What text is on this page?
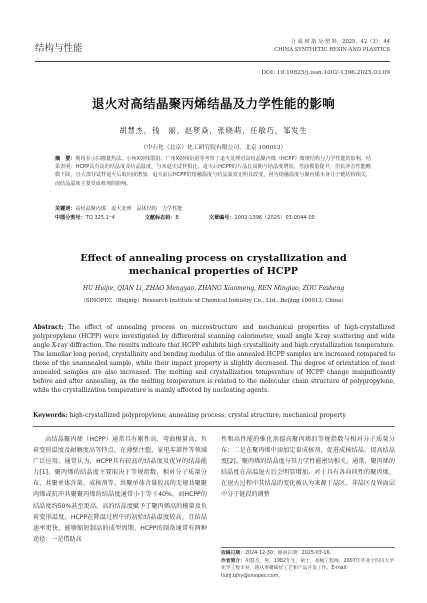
结构与性能
合 成 树 脂 及 塑 料，2025，42（3）：44
CHINA SYNTHETIC RESIN AND PLASTICS
DOI: 10.19825/j.issn.1002-1396.2025.03.09
退火对高结晶聚丙烯结晶及力学性能的影响
胡慧杰，钱　丽，赵梦焱，张晓萌，任敏巧，邹发生
（中石化（北京）化工研究院有限公司，北京 100013）
摘　要：利用差示扫描量热法、小角X射线散射、广角X射线衍射等考察了退火处理对高结晶聚丙烯（HCPP）微观结构与力学性能的影响。结果表明：HCPP具有高的结晶度及结晶温度，与未退火试样相比，退火后HCPP的片晶长周期与结晶度增加，弯曲模量提升，但抗冲击性能略微下降，且大部分试样退火后取向度增加。退火前后HCPP的熔融温度与结晶温度无明显改变，因为熔融温度与聚丙烯本身分子链结构相关，而结晶温度主要受成核剂的影响。
关键词：高结晶聚丙烯　退火处理　晶体结构　力学性能
中图分类号：TQ 325.1⁺4	文献标志码：B	文章编号：1002-1396（2025）03-0044-05
Effect of annealing process on crystallization and
mechanical properties of HCPP
HU Huijie, QIAN Li, ZHAO Mengyao, ZHANG Xiaomeng, REN Mingiao, ZOU Fasheng
（SINOPEC（Beijing）Research Institute of Chemical Industry Co., Ltd., Beijing 100013, China）
Abstract: The effect of annealing process on microstructure and mechanical properties of high-crystallized polypropylene (HCPP) were investigated by differential scanning calorimeter, small angle X-ray scattering and wide angle X-ray diffraction. The results indicate that HCPP exhibits high crystallinity and high crystallization temperature. The lamellar long period, crystallinity and bending modulus of the annealed HCPP samples are increased compared to those of the unannealed sample, while their impact property is slightly decreased. The degree of orientation of most annealed samples are also increased. The melting and crystallization temperature of HCPP change insignificantly before and after annealing, as the melting temperature is related to the molecular chain structure of polypropylene, while the crystallization temperature is mainly affected by nucleating agents.
Keywords: high-crystallized polypropylene; annealing process; crystal structure; mechanical property
高结晶聚丙烯（HCPP）通常具有刚性高、弯曲模量高、负荷变形温度及耐磨度高等特点，在薄壁注塑、家电零部件等领域广泛应用。通常认为，HCPP具有较高的结晶度及优异的结晶能力[1]。聚丙烯的结晶度主要取决于等规指数、相对分子质量分布、共聚单体含量、成核剂等。共聚单体含量较高的无规共聚聚丙烯或抗冲共聚聚丙烯的结晶度通常小于等于40%，而HCPP的结晶度约50%甚至更高。高的结晶度赋予了聚丙烯高的模量及负荷变形温度。HCPP在降温过程中的初始结晶温度较高，且结晶速率更快，能够缩短制品的成型周期。HCPP的制备通常有两种途径：一是借助高
性和高性能的催化剂提高聚丙烯的等规指数与相对分子质量分布；二是在聚丙烯中添加定量成核剂，促进成核结晶，提高结晶度[2]。聚丙烯的结晶度与其力学性能密切相关。通常，聚丙烯的结晶度在高温退火后会明显增加。对于具有各向同性的聚丙烯，在退火过程中其结晶的变化被认为来源于晶区、非晶区及界面层中分子链段的调整
收稿日期：2024-12-30；修回日期：2025-03-16。
作者简介：胡慧杰，男，1982年生，硕士，高级工程师，2007年毕业于四川大学化学工程专业，现从事聚烯烃工艺和产品开发工作。E-mail: huhj.bjhy@sinopec.com。
